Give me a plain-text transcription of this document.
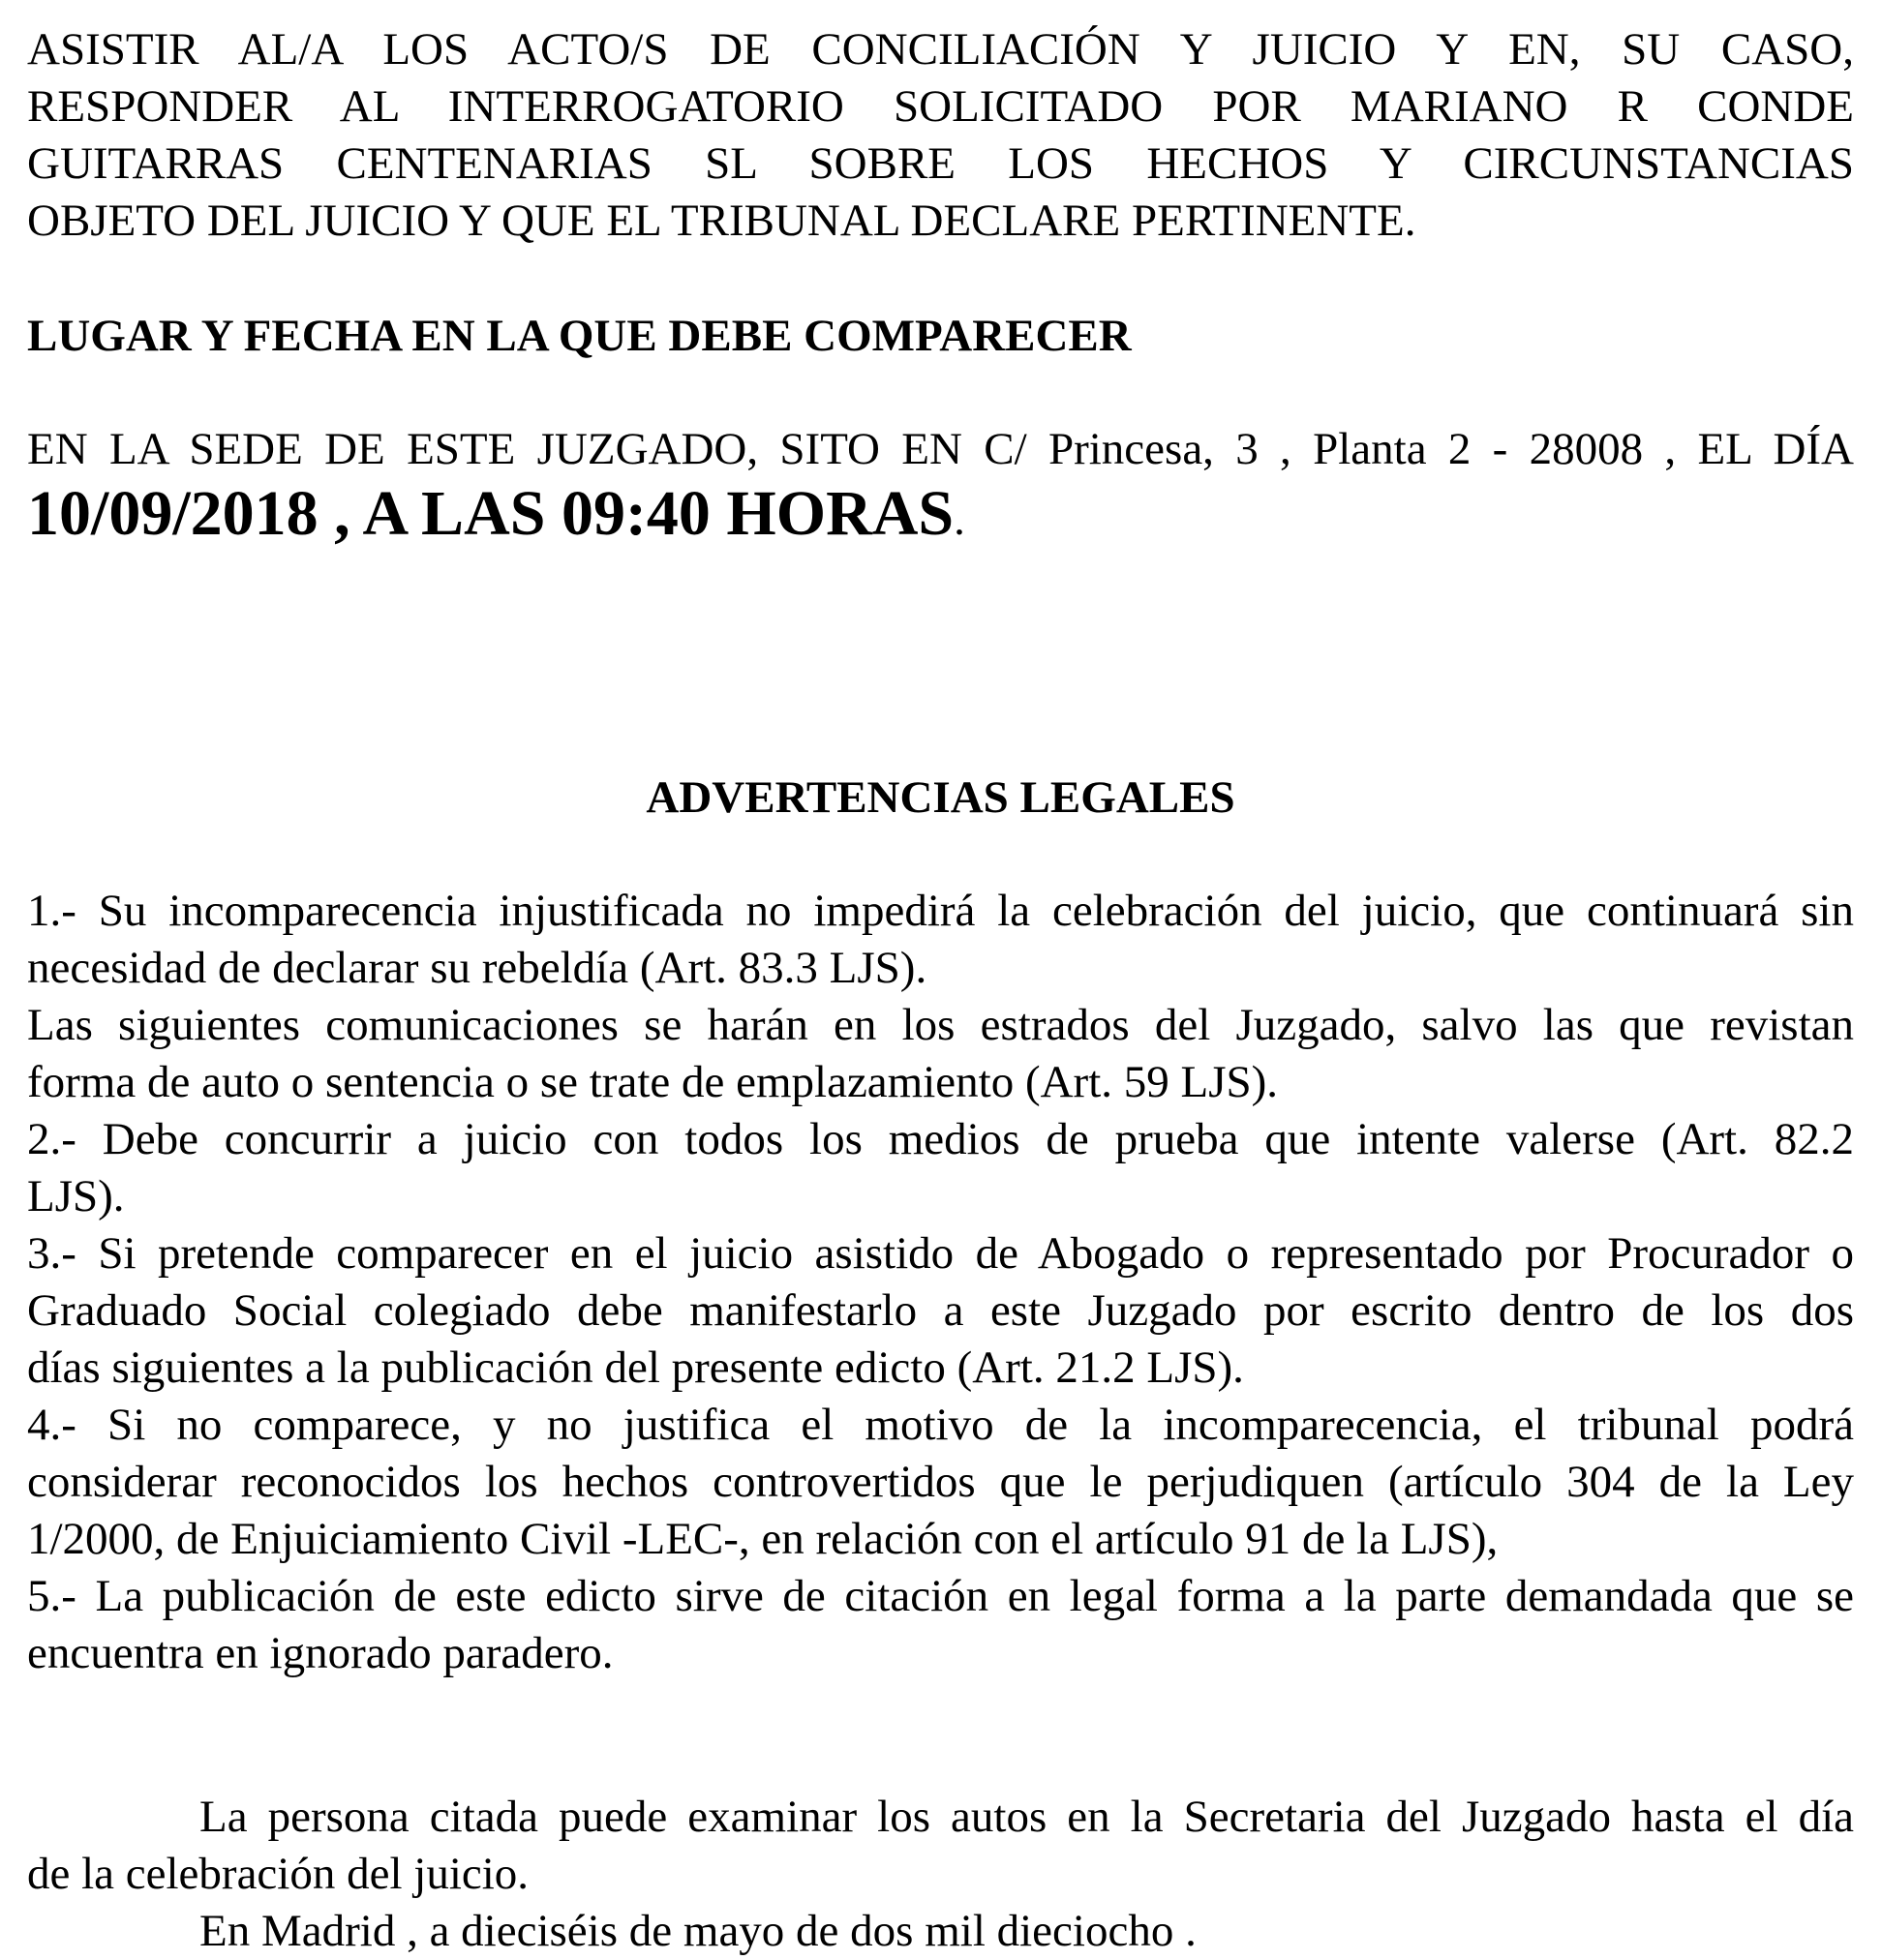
ASISTIR AL/A LOS ACTO/S DE CONCILIACIÓN Y JUICIO Y EN, SU CASO,
RESPONDER AL INTERROGATORIO SOLICITADO POR MARIANO R CONDE
GUITARRAS CENTENARIAS SL SOBRE LOS HECHOS Y CIRCUNSTANCIAS
OBJETO DEL JUICIO Y QUE EL TRIBUNAL DECLARE PERTINENTE.
LUGAR Y FECHA EN LA QUE DEBE COMPARECER
EN LA SEDE DE ESTE JUZGADO, SITO EN C/ Princesa, 3 , Planta 2 - 28008 , EL DÍA
10/09/2018 , A LAS 09:40 HORAS.
ADVERTENCIAS LEGALES
1.- Su incomparecencia injustificada no impedirá la celebración del juicio, que continuará sin
necesidad de declarar su rebeldía (Art. 83.3 LJS).
Las siguientes comunicaciones se harán en los estrados del Juzgado, salvo las que revistan
forma de auto o sentencia o se trate de emplazamiento (Art. 59 LJS).
2.- Debe concurrir a juicio con todos los medios de prueba que intente valerse (Art. 82.2
LJS).
3.- Si pretende comparecer en el juicio asistido de Abogado o representado por Procurador o
Graduado Social colegiado debe manifestarlo a este Juzgado por escrito dentro de los dos
días siguientes a la publicación del presente edicto (Art. 21.2 LJS).
4.- Si no comparece, y no justifica el motivo de la incomparecencia, el tribunal podrá
considerar reconocidos los hechos controvertidos que le perjudiquen (artículo 304 de la Ley
1/2000, de Enjuiciamiento Civil -LEC-, en relación con el artículo 91 de la LJS),
5.- La publicación de este edicto sirve de citación en legal forma a la parte demandada que se
encuentra en ignorado paradero.
La persona citada puede examinar los autos en la Secretaria del Juzgado hasta el día
de la celebración del juicio.
En Madrid , a dieciséis de mayo de dos mil dieciocho .
